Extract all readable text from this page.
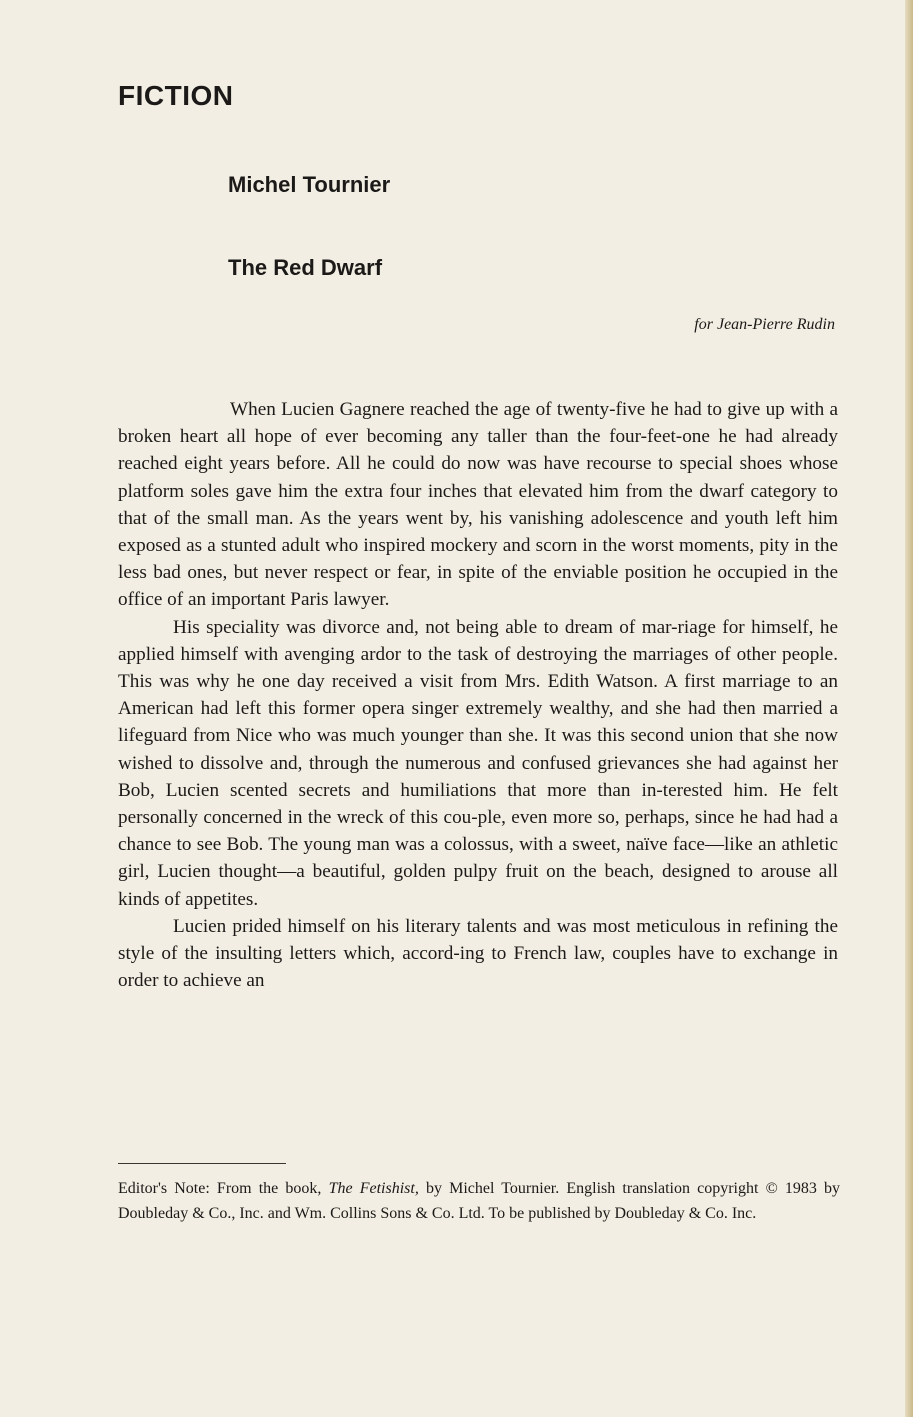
FICTION
Michel Tournier
The Red Dwarf

for Jean-Pierre Rudin

When Lucien Gagnere reached the age of twenty-five he had to give up with a broken heart all hope of ever becoming any taller than the four-feet-one he had already reached eight years before. All he could do now was have recourse to special shoes whose platform soles gave him the extra four inches that elevated him from the dwarf category to that of the small man. As the years went by, his vanishing adolescence and youth left him exposed as a stunted adult who inspired mockery and scorn in the worst moments, pity in the less bad ones, but never respect or fear, in spite of the enviable position he occupied in the office of an important Paris lawyer.

His speciality was divorce and, not being able to dream of mar-riage for himself, he applied himself with avenging ardor to the task of destroying the marriages of other people. This was why he one day received a visit from Mrs. Edith Watson. A first marriage to an American had left this former opera singer extremely wealthy, and she had then married a lifeguard from Nice who was much younger than she. It was this second union that she now wished to dissolve and, through the numerous and confused grievances she had against her Bob, Lucien scented secrets and humiliations that more than in-terested him. He felt personally concerned in the wreck of this cou-ple, even more so, perhaps, since he had had a chance to see Bob. The young man was a colossus, with a sweet, naïve face—like an athletic girl, Lucien thought—a beautiful, golden pulpy fruit on the beach, designed to arouse all kinds of appetites.

Lucien prided himself on his literary talents and was most meticulous in refining the style of the insulting letters which, accord-ing to French law, couples have to exchange in order to achieve an

Editor's Note: From the book, The Fetishist, by Michel Tournier. English translation copyright © 1983 by Doubleday & Co., Inc. and Wm. Collins Sons & Co. Ltd. To be published by Doubleday & Co. Inc.
